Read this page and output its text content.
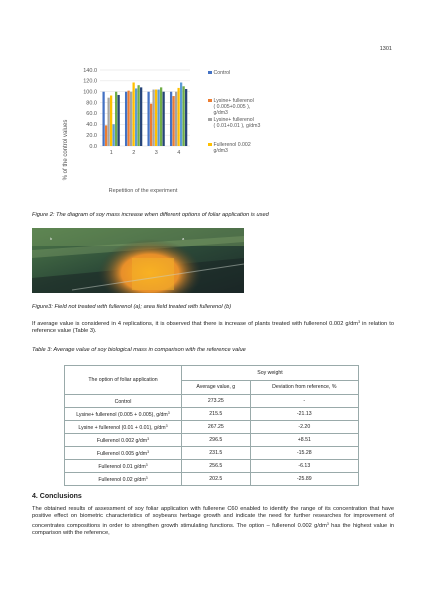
1301
0.0
20.0
40.0
60.0
80.0
100.0
120.0
140.0
1	2	3	4
% of the control values
Repetition of the experiment
Control
Lysine+ fullerenol
( 0.005+0.005 ),
g/dm3
Lysine+ fullerenol
( 0.01+0.01 ), g/dm3
Fullerenol 0.002
g/dm3
Figure 2: The diagram of soy mass increase when different options of foliar application is used
b	a
Figure3: Field not treated with fullerenol (a); area field treated with fullerenol (b)
If average value is considered in 4 replications, it is observed that there is increase of plants treated with fullerenol 0.002 $g/dm^3$ in relation to reference value (Table 3).
Table 3: Average value of soy biological mass in comparison with the reference value
The option of foliar application	Soy weight	
	Average value, g	Deviation from reference, %
Control	273.25	-
Lysine+ fullerenol (0.005 + 0.005), $g/dm^3$	215.5	-21.13
Lysine + fullerenol (0.01 + 0.01), $g/dm^3$	267.25	-2.20
Fullerenol 0.002 $g/dm^3$	296.5	+8.51
Fullerenol 0.005 $g/dm^3$	231.5	-15.28
Fullerenol 0.01 $g/dm^3$	256.5	-6.13
Fullerenol 0.02 $g/dm^3$	202.5	-25.89
4. Conclusions
The obtained results of assessment of soy foliar application with fullerene C60 enabled to identify the range of its concentration that have positive effect on biometric characteristics of soybeans herbage growth and indicate the need for further researches for improvement of concentrates compositions in order to strengthen growth stimulating functions. The option – fullerenol 0.002 $g/dm^3$ has the highest value in comparison with the reference,
